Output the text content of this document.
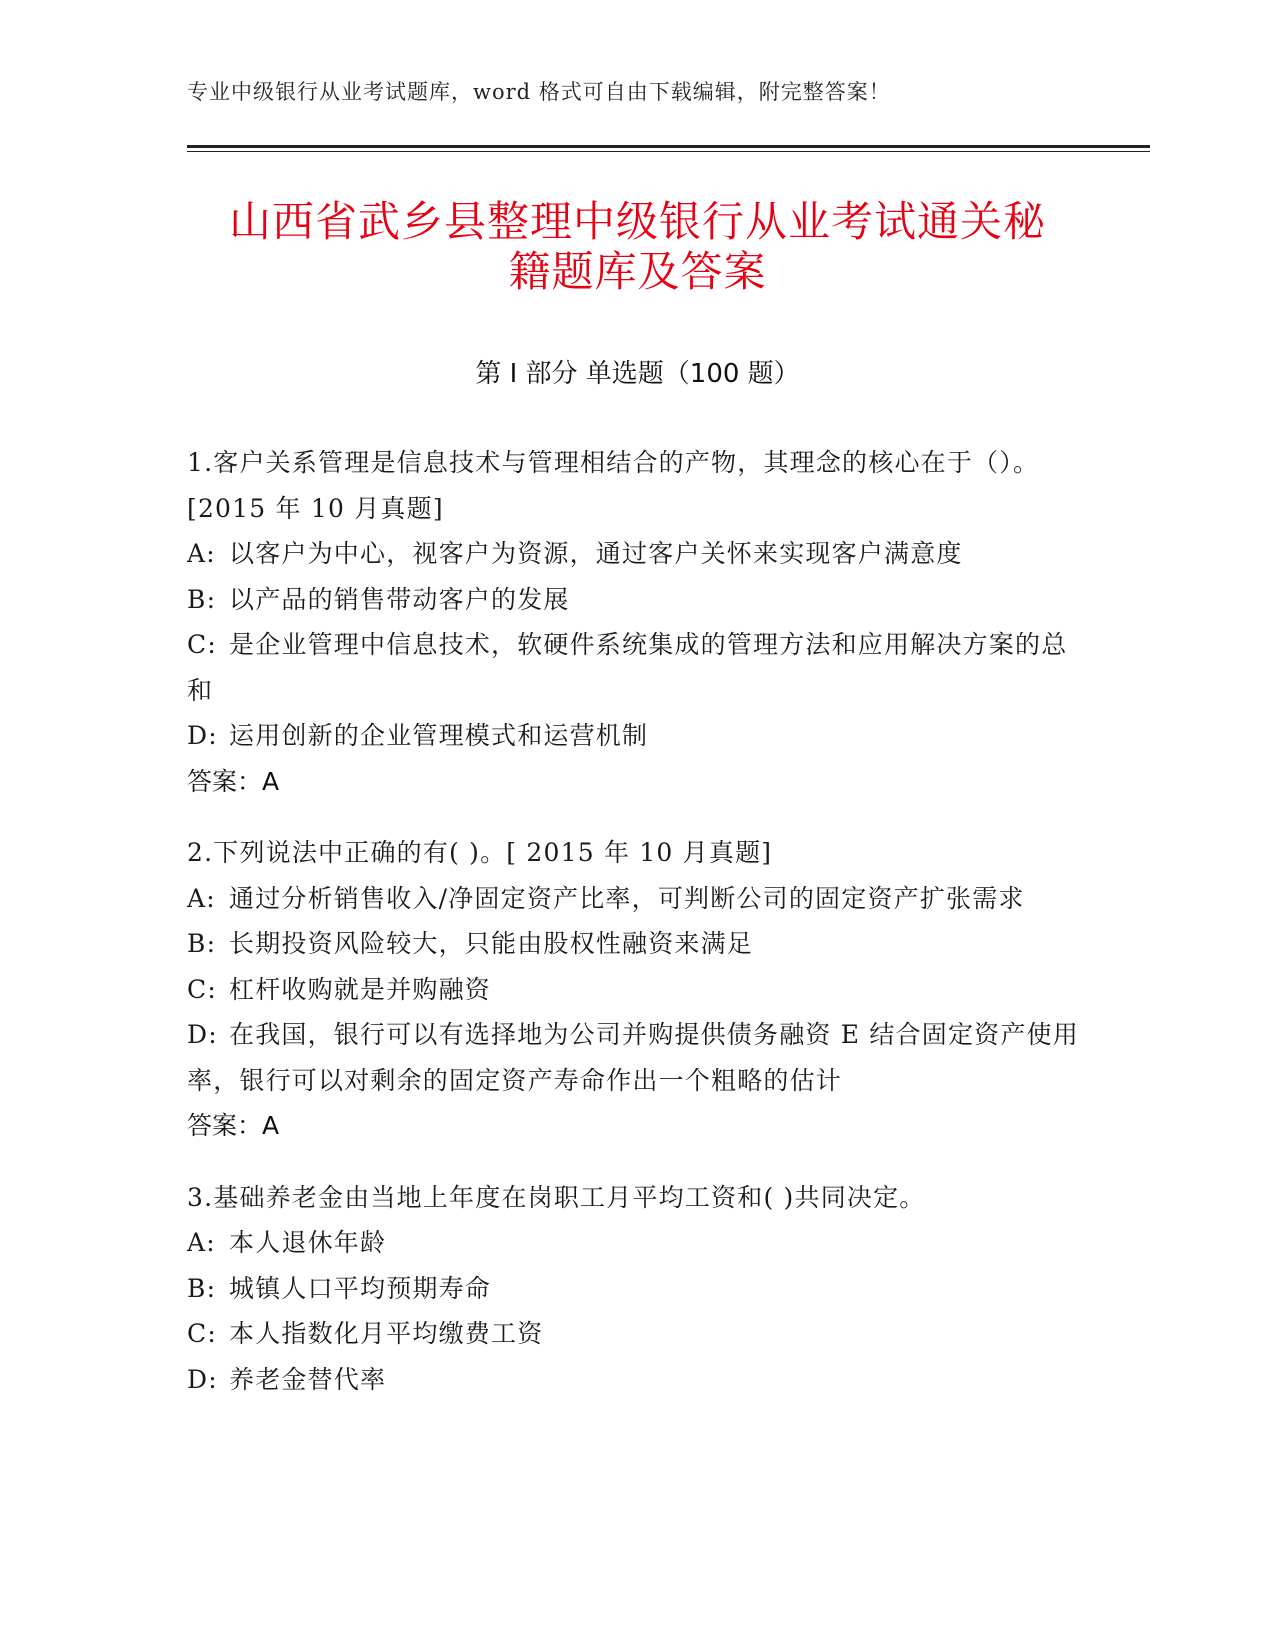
专业中级银行从业考试题库，word 格式可自由下载编辑，附完整答案！
山西省武乡县整理中级银行从业考试通关秘
籍题库及答案
第 I 部分 单选题（100 题）
1.客户关系管理是信息技术与管理相结合的产物，其理念的核心在于（）。[2015 年 10 月真题]
A: 以客户为中心，视客户为资源，通过客户关怀来实现客户满意度
B: 以产品的销售带动客户的发展
C: 是企业管理中信息技术，软硬件系统集成的管理方法和应用解决方案的总和
D: 运用创新的企业管理模式和运营机制
答案：A
2.下列说法中正确的有( )。[ 2015 年 10 月真题]
A: 通过分析销售收入/净固定资产比率，可判断公司的固定资产扩张需求
B: 长期投资风险较大，只能由股权性融资来满足
C: 杠杆收购就是并购融资
D: 在我国，银行可以有选择地为公司并购提供债务融资 E 结合固定资产使用率，银行可以对剩余的固定资产寿命作出一个粗略的估计
答案：A
3.基础养老金由当地上年度在岗职工月平均工资和( )共同决定。
A: 本人退休年龄
B: 城镇人口平均预期寿命
C: 本人指数化月平均缴费工资
D: 养老金替代率
